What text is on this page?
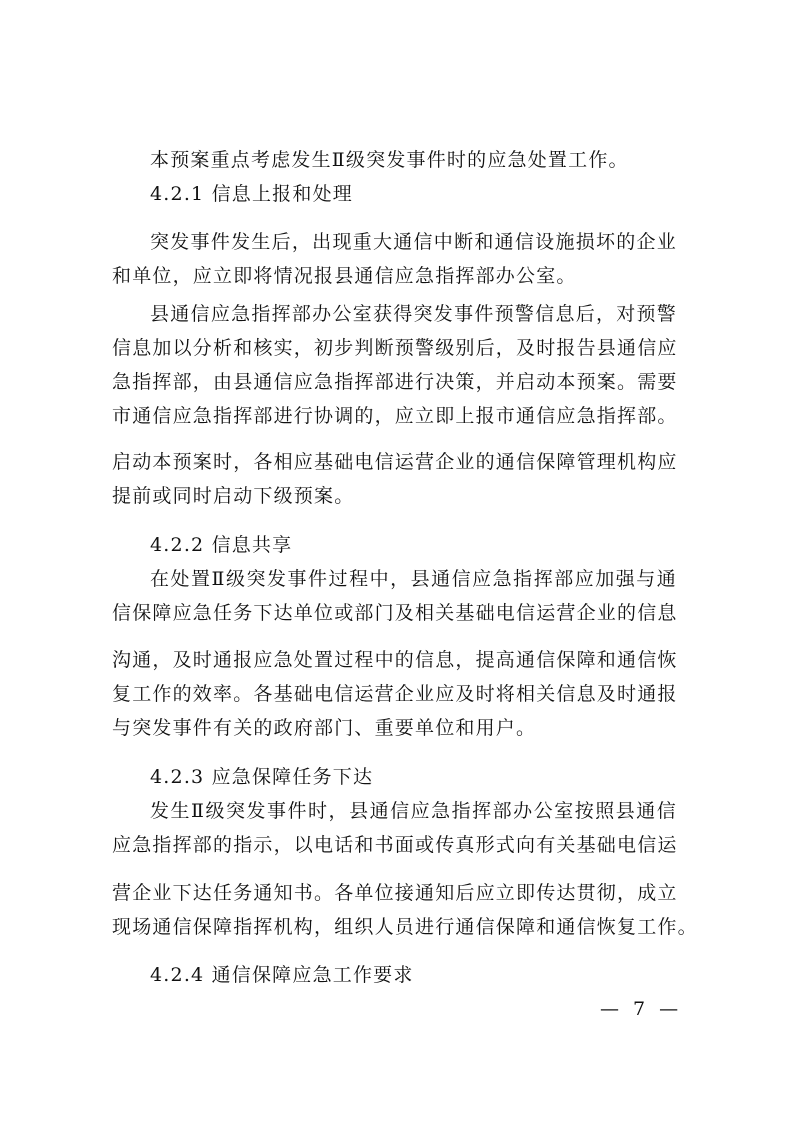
本预案重点考虑发生Ⅱ级突发事件时的应急处置工作。
4.2.1 信息上报和处理
突发事件发生后，出现重大通信中断和通信设施损坏的企业
和单位，应立即将情况报县通信应急指挥部办公室。
县通信应急指挥部办公室获得突发事件预警信息后，对预警
信息加以分析和核实，初步判断预警级别后，及时报告县通信应
急指挥部，由县通信应急指挥部进行决策，并启动本预案。需要
市通信应急指挥部进行协调的，应立即上报市通信应急指挥部。
启动本预案时，各相应基础电信运营企业的通信保障管理机构应
提前或同时启动下级预案。
4.2.2 信息共享
在处置Ⅱ级突发事件过程中，县通信应急指挥部应加强与通
信保障应急任务下达单位或部门及相关基础电信运营企业的信息
沟通，及时通报应急处置过程中的信息，提高通信保障和通信恢
复工作的效率。各基础电信运营企业应及时将相关信息及时通报
与突发事件有关的政府部门、重要单位和用户。
4.2.3 应急保障任务下达
发生Ⅱ级突发事件时，县通信应急指挥部办公室按照县通信
应急指挥部的指示，以电话和书面或传真形式向有关基础电信运
营企业下达任务通知书。各单位接通知后应立即传达贯彻，成立
现场通信保障指挥机构，组织人员进行通信保障和通信恢复工作。
4.2.4 通信保障应急工作要求
— 7 —
